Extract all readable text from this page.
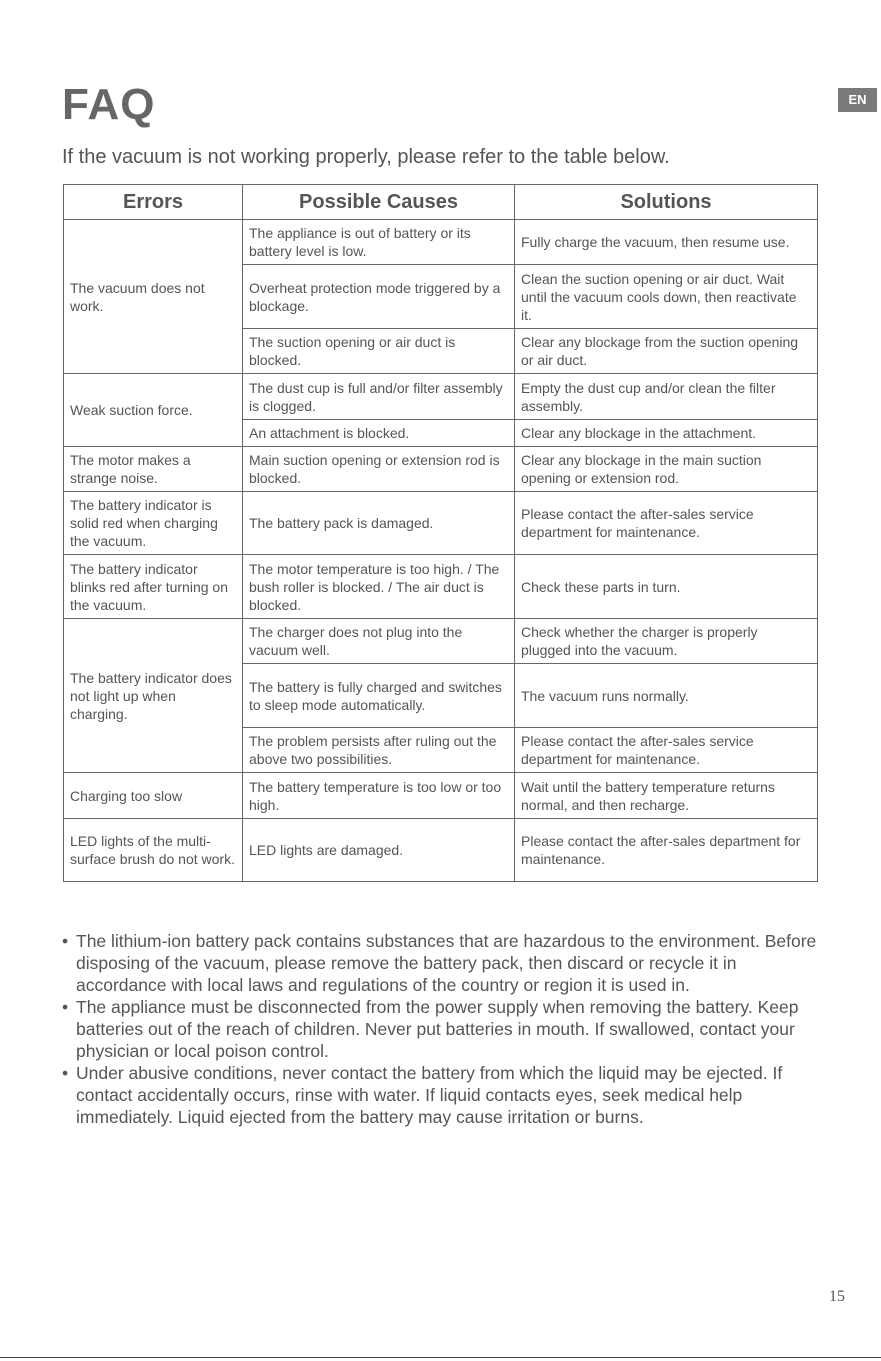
FAQ	EN
If the vacuum is not working properly, please refer to the table below.
Errors	Possible Causes	Solutions
The vacuum does not work.	The appliance is out of battery or its battery level is low.	Fully charge the vacuum, then resume use.
	Overheat protection mode triggered by a blockage.	Clean the suction opening or air duct. Wait until the vacuum cools down, then reactivate it.
	The suction opening or air duct is blocked.	Clear any blockage from the suction opening or air duct.
Weak suction force.	The dust cup is full and/or filter assembly is clogged.	Empty the dust cup and/or clean the filter assembly.
	An attachment is blocked.	Clear any blockage in the attachment.
The motor makes a strange noise.	Main suction opening or extension rod is blocked.	Clear any blockage in the main suction opening or extension rod.
The battery indicator is solid red when charging the vacuum.	The battery pack is damaged.	Please contact the after-sales service department for maintenance.
The battery indicator blinks red after turning on the vacuum.	The motor temperature is too high. / The bush roller is blocked. / The air duct is blocked.	Check these parts in turn.
The battery indicator does not light up when charging.	The charger does not plug into the vacuum well.	Check whether the charger is properly plugged into the vacuum.
	The battery is fully charged and switches to sleep mode automatically.	The vacuum runs normally.
	The problem persists after ruling out the above two possibilities.	Please contact the after-sales service department for maintenance.
Charging too slow	The battery temperature is too low or too high.	Wait until the battery temperature returns normal, and then recharge.
LED lights of the multi-surface brush do not work.	LED lights are damaged.	Please contact the after-sales department for maintenance.
• The lithium-ion battery pack contains substances that are hazardous to the environment. Before disposing of the vacuum, please remove the battery pack, then discard or recycle it in accordance with local laws and regulations of the country or region it is used in.
• The appliance must be disconnected from the power supply when removing the battery. Keep batteries out of the reach of children. Never put batteries in mouth. If swallowed, contact your physician or local poison control.
• Under abusive conditions, never contact the battery from which the liquid may be ejected. If contact accidentally occurs, rinse with water. If liquid contacts eyes, seek medical help immediately. Liquid ejected from the battery may cause irritation or burns.
15
